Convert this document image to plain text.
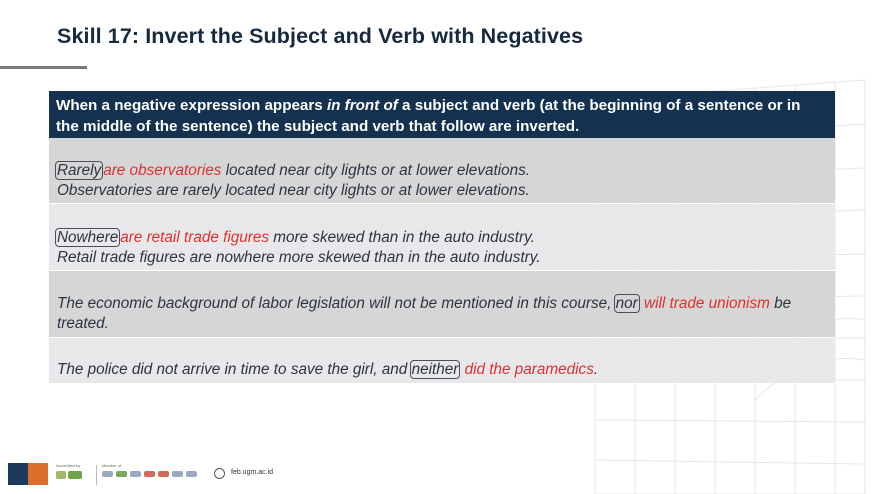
Skill 17: Invert the Subject and Verb with Negatives
When a negative expression appears in front of a subject and verb (at the beginning of a sentence or in the middle of the sentence) the subject and verb that follow are inverted.
Rarely are observatories located near city lights or at lower elevations.
Observatories are rarely located near city lights or at lower elevations.
Nowhere are retail trade figures more skewed than in the auto industry.
Retail trade figures are nowhere more skewed than in the auto industry.
The economic background of labor legislation will not be mentioned in this course, nor will trade unionism be treated.
The police did not arrive in time to save the girl, and neither did the paramedics.
Accredited by	Member of
feb.ugm.ac.id
